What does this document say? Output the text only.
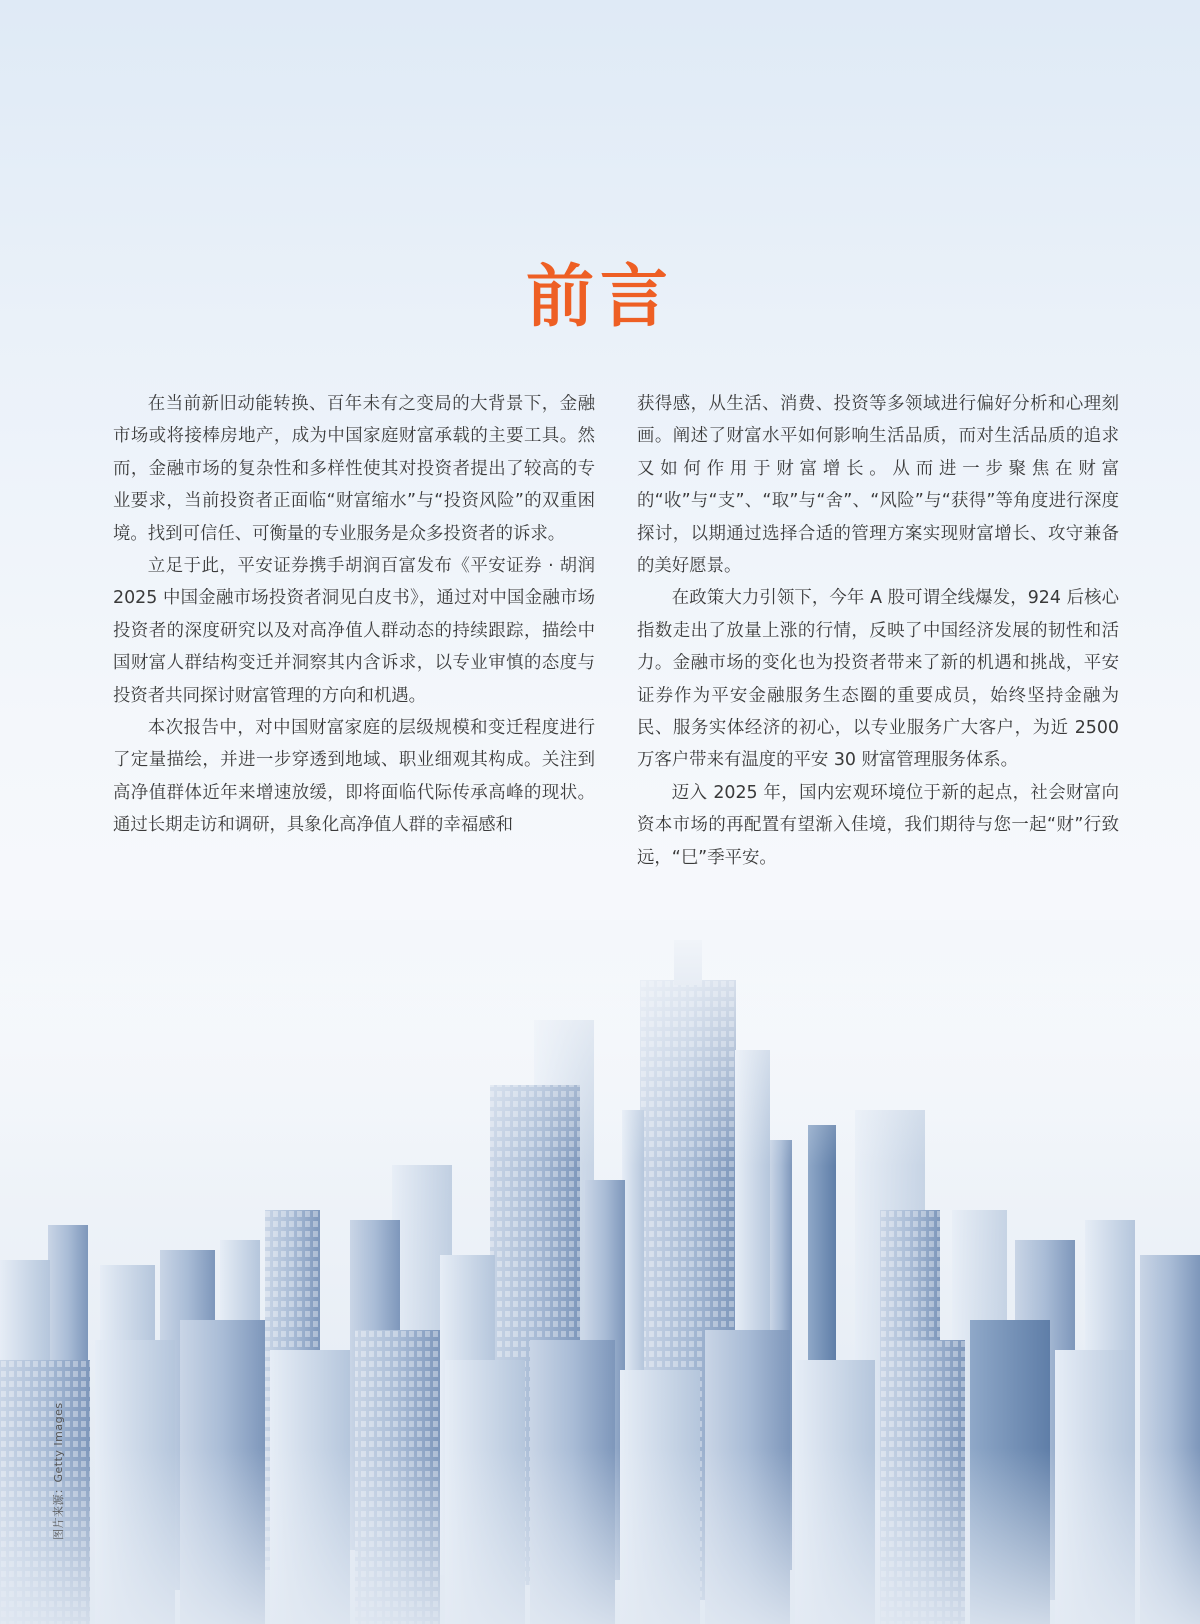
前言

在当前新旧动能转换、百年未有之变局的大背景下，金融市场或将接棒房地产，成为中国家庭财富承载的主要工具。然而，金融市场的复杂性和多样性使其对投资者提出了较高的专业要求，当前投资者正面临“财富缩水”与“投资风险”的双重困境。找到可信任、可衡量的专业服务是众多投资者的诉求。

立足于此，平安证券携手胡润百富发布《平安证券 · 胡润 2025 中国金融市场投资者洞见白皮书》，通过对中国金融市场投资者的深度研究以及对高净值人群动态的持续跟踪，描绘中国财富人群结构变迁并洞察其内含诉求，以专业审慎的态度与投资者共同探讨财富管理的方向和机遇。

本次报告中，对中国财富家庭的层级规模和变迁程度进行了定量描绘，并进一步穿透到地域、职业细观其构成。关注到高净值群体近年来增速放缓，即将面临代际传承高峰的现状。通过长期走访和调研，具象化高净值人群的幸福感和

获得感，从生活、消费、投资等多领域进行偏好分析和心理刻画。阐述了财富水平如何影响生活品质，而对生活品质的追求又如何作用于财富增长。从而进一步聚焦在财富的“收”与“支”、“取”与“舍”、“风险”与“获得”等角度进行深度探讨，以期通过选择合适的管理方案实现财富增长、攻守兼备的美好愿景。

在政策大力引领下，今年 A 股可谓全线爆发，924 后核心指数走出了放量上涨的行情，反映了中国经济发展的韧性和活力。金融市场的变化也为投资者带来了新的机遇和挑战，平安证券作为平安金融服务生态圈的重要成员，始终坚持金融为民、服务实体经济的初心，以专业服务广大客户，为近 2500 万客户带来有温度的平安 30 财富管理服务体系。

迈入 2025 年，国内宏观环境位于新的起点，社会财富向资本市场的再配置有望渐入佳境，我们期待与您一起“财”行致远，“巳”季平安。

图片来源：Getty Images
